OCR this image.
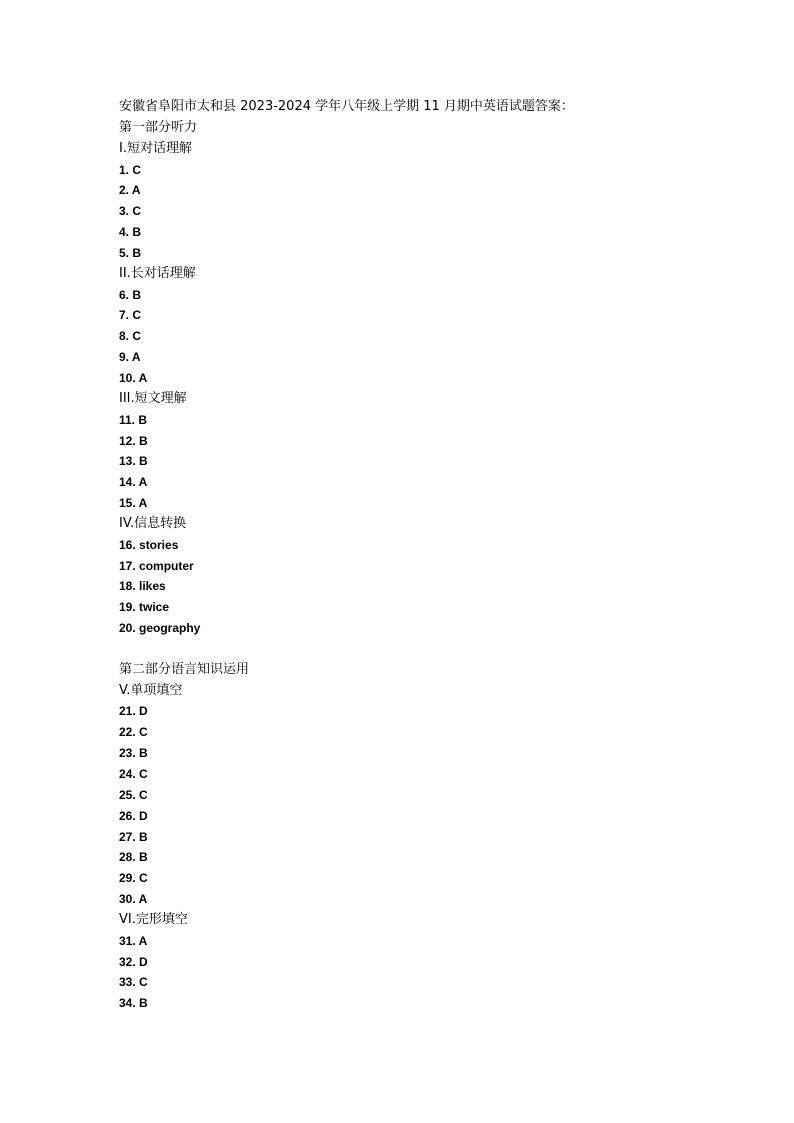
安徽省阜阳市太和县 2023-2024 学年八年级上学期 11 月期中英语试题答案：
第一部分听力
I.短对话理解
1. C
2. A
3. C
4. B
5. B
II.长对话理解
6. B
7. C
8. C
9. A
10. A
III.短文理解
11. B
12. B
13. B
14. A
15. A
IV.信息转换
16. stories
17. computer
18. likes
19. twice
20. geography
第二部分语言知识运用
V.单项填空
21. D
22. C
23. B
24. C
25. C
26. D
27. B
28. B
29. C
30. A
VI.完形填空
31. A
32. D
33. C
34. B
